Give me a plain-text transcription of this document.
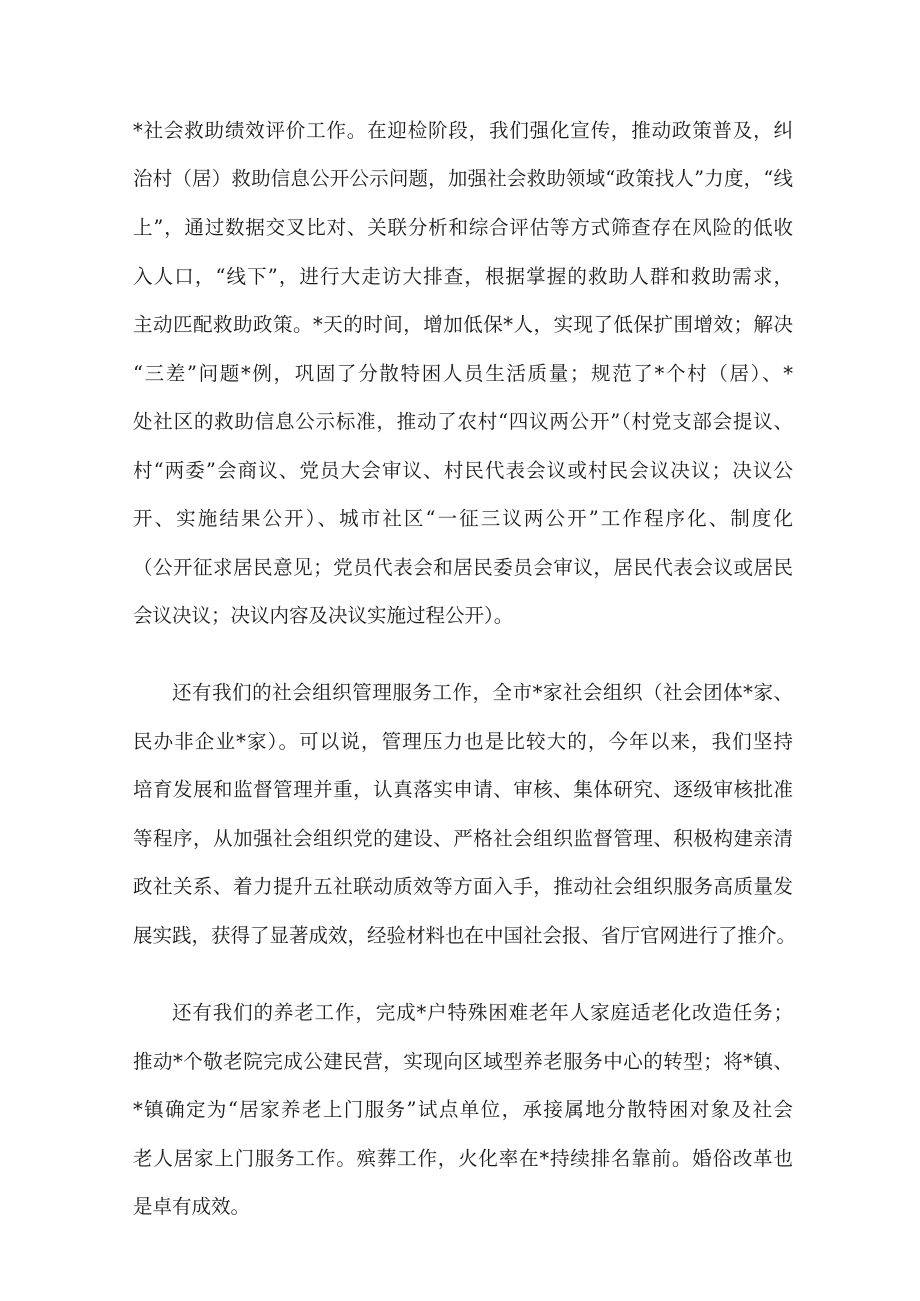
*社会救助绩效评价工作。在迎检阶段，我们强化宣传，推动政策普及，纠
治村（居）救助信息公开公示问题，加强社会救助领域“政策找人”力度，“线
上”，通过数据交叉比对、关联分析和综合评估等方式筛查存在风险的低收
入人口，“线下”，进行大走访大排查，根据掌握的救助人群和救助需求，
主动匹配救助政策。*天的时间，增加低保*人，实现了低保扩围增效；解决
“三差”问题*例，巩固了分散特困人员生活质量；规范了*个村（居）、*
处社区的救助信息公示标准，推动了农村“四议两公开”（村党支部会提议、
村“两委”会商议、党员大会审议、村民代表会议或村民会议决议；决议公
开、实施结果公开）、城市社区“一征三议两公开”工作程序化、制度化
（公开征求居民意见；党员代表会和居民委员会审议，居民代表会议或居民
会议决议；决议内容及决议实施过程公开）。
还有我们的社会组织管理服务工作，全市*家社会组织（社会团体*家、
民办非企业*家）。可以说，管理压力也是比较大的，今年以来，我们坚持
培育发展和监督管理并重，认真落实申请、审核、集体研究、逐级审核批准
等程序，从加强社会组织党的建设、严格社会组织监督管理、积极构建亲清
政社关系、着力提升五社联动质效等方面入手，推动社会组织服务高质量发
展实践，获得了显著成效，经验材料也在中国社会报、省厅官网进行了推介。
还有我们的养老工作，完成*户特殊困难老年人家庭适老化改造任务；
推动*个敬老院完成公建民营，实现向区域型养老服务中心的转型；将*镇、
*镇确定为“居家养老上门服务”试点单位，承接属地分散特困对象及社会
老人居家上门服务工作。殡葬工作，火化率在*持续排名靠前。婚俗改革也
是卓有成效。
